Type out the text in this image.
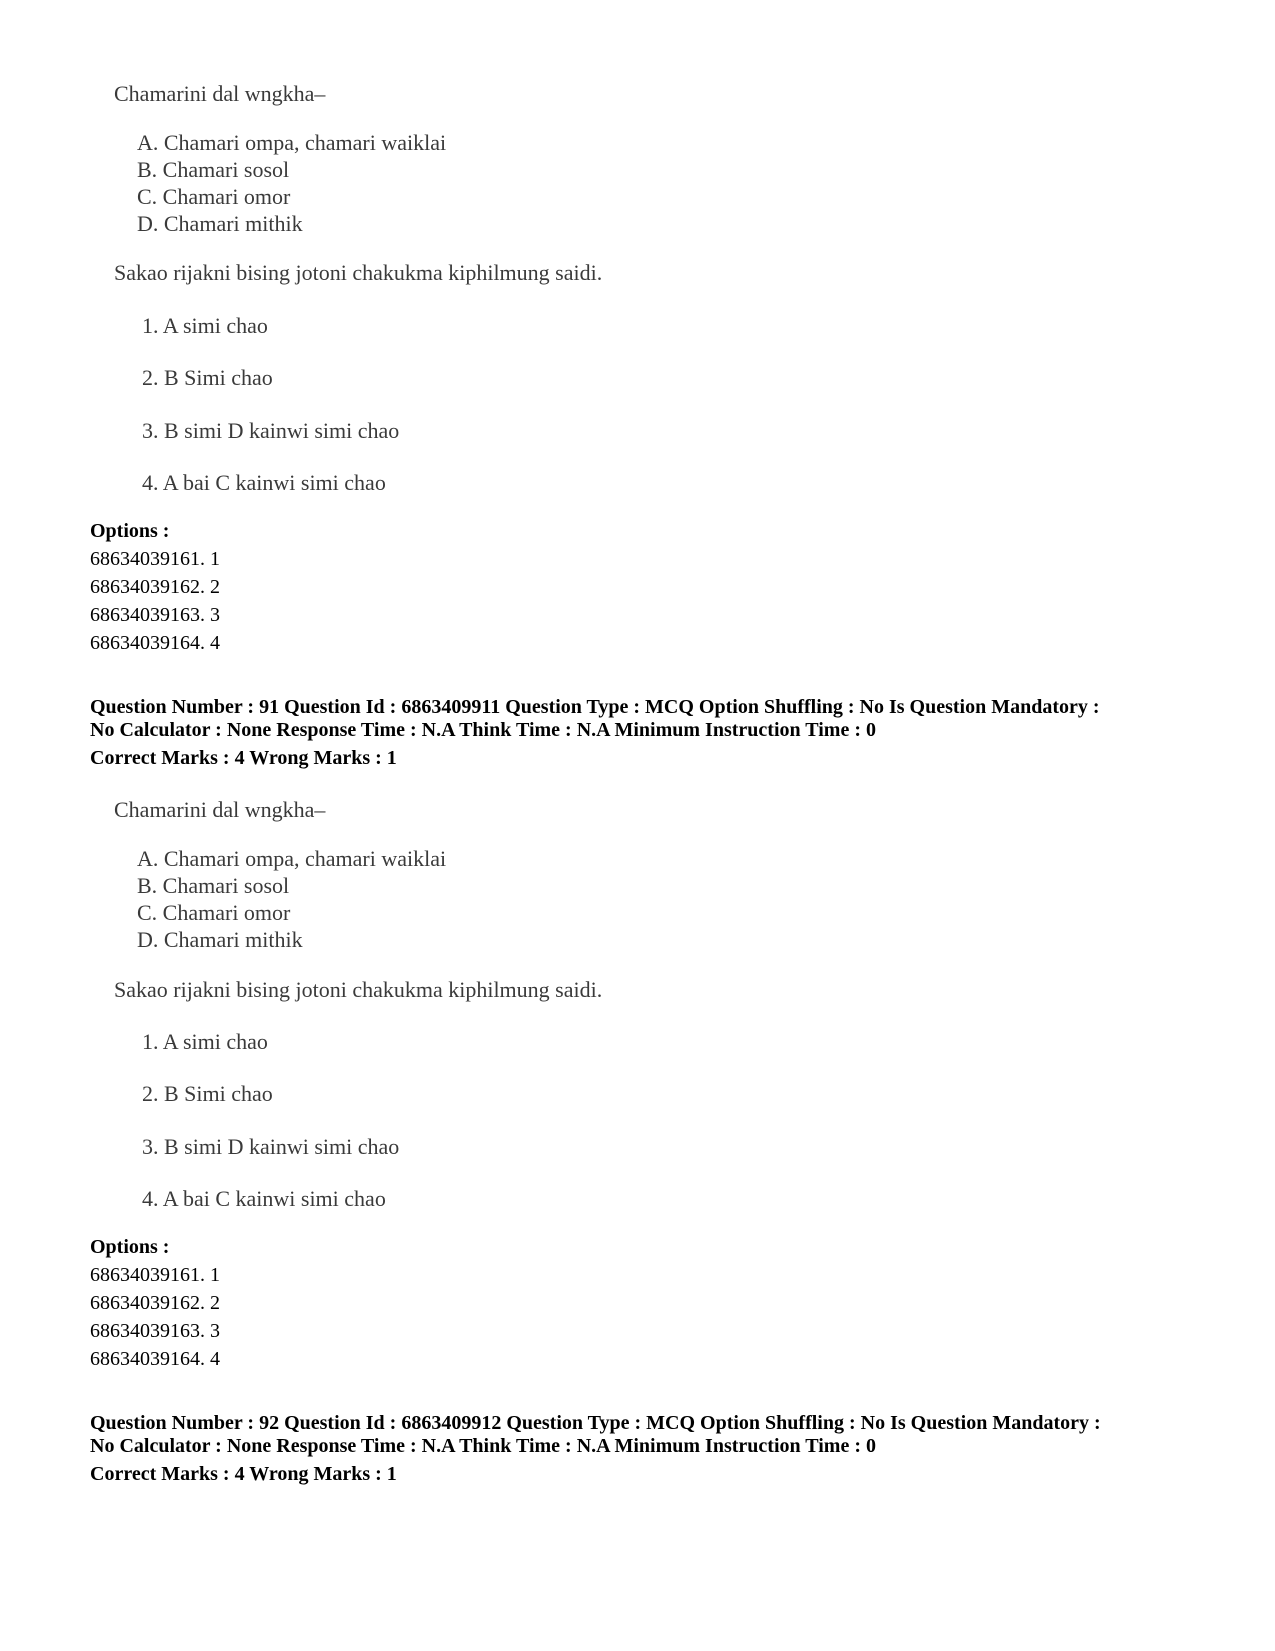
Chamarini dal wngkha–
A. Chamari ompa, chamari waiklai
B. Chamari sosol
C. Chamari omor
D. Chamari mithik
Sakao rijakni bising jotoni chakukma kiphilmung saidi.
1. A simi chao
2. B Simi chao
3. B simi D kainwi simi chao
4. A bai C kainwi simi chao
Options :
68634039161. 1
68634039162. 2
68634039163. 3
68634039164. 4
Question Number : 91 Question Id : 6863409911 Question Type : MCQ Option Shuffling : No Is Question Mandatory :
No Calculator : None Response Time : N.A Think Time : N.A Minimum Instruction Time : 0
Correct Marks : 4 Wrong Marks : 1
Chamarini dal wngkha–
A. Chamari ompa, chamari waiklai
B. Chamari sosol
C. Chamari omor
D. Chamari mithik
Sakao rijakni bising jotoni chakukma kiphilmung saidi.
1. A simi chao
2. B Simi chao
3. B simi D kainwi simi chao
4. A bai C kainwi simi chao
Options :
68634039161. 1
68634039162. 2
68634039163. 3
68634039164. 4
Question Number : 92 Question Id : 6863409912 Question Type : MCQ Option Shuffling : No Is Question Mandatory :
No Calculator : None Response Time : N.A Think Time : N.A Minimum Instruction Time : 0
Correct Marks : 4 Wrong Marks : 1
